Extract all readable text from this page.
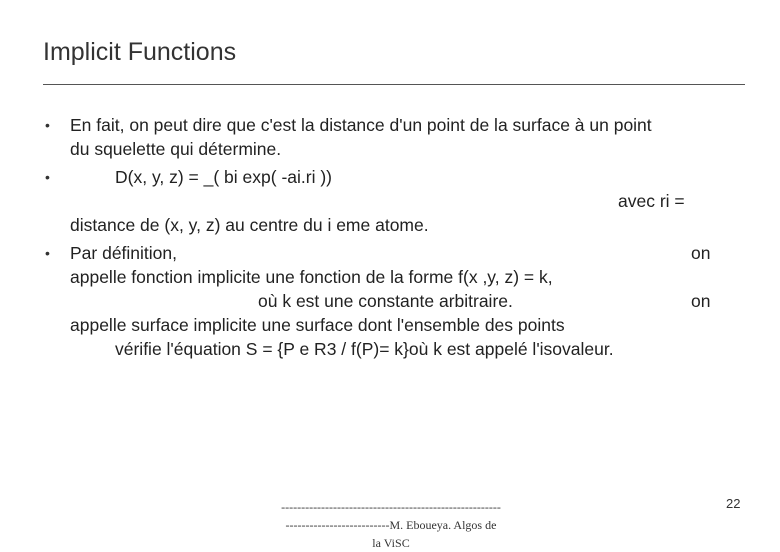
Implicit Functions
• En fait, on peut dire que c'est la distance d'un point de la surface à un point
du squelette qui détermine.
•	D(x, y, z) = _( bi exp( -ai.ri ))
avec ri =
distance de (x, y, z) au centre du i eme atome.
• Par définition,	on
appelle fonction implicite une fonction de la forme f(x ,y, z) = k,
où k est une constante arbitraire.	on
appelle surface implicite une surface dont l'ensemble des points
vérifie l'équation S = {P e R3 / f(P)= k}où k est appelé l'isovaleur.
-------------------------------------------------------
--------------------------M. Eboueya. Algos de
la ViSC
22
